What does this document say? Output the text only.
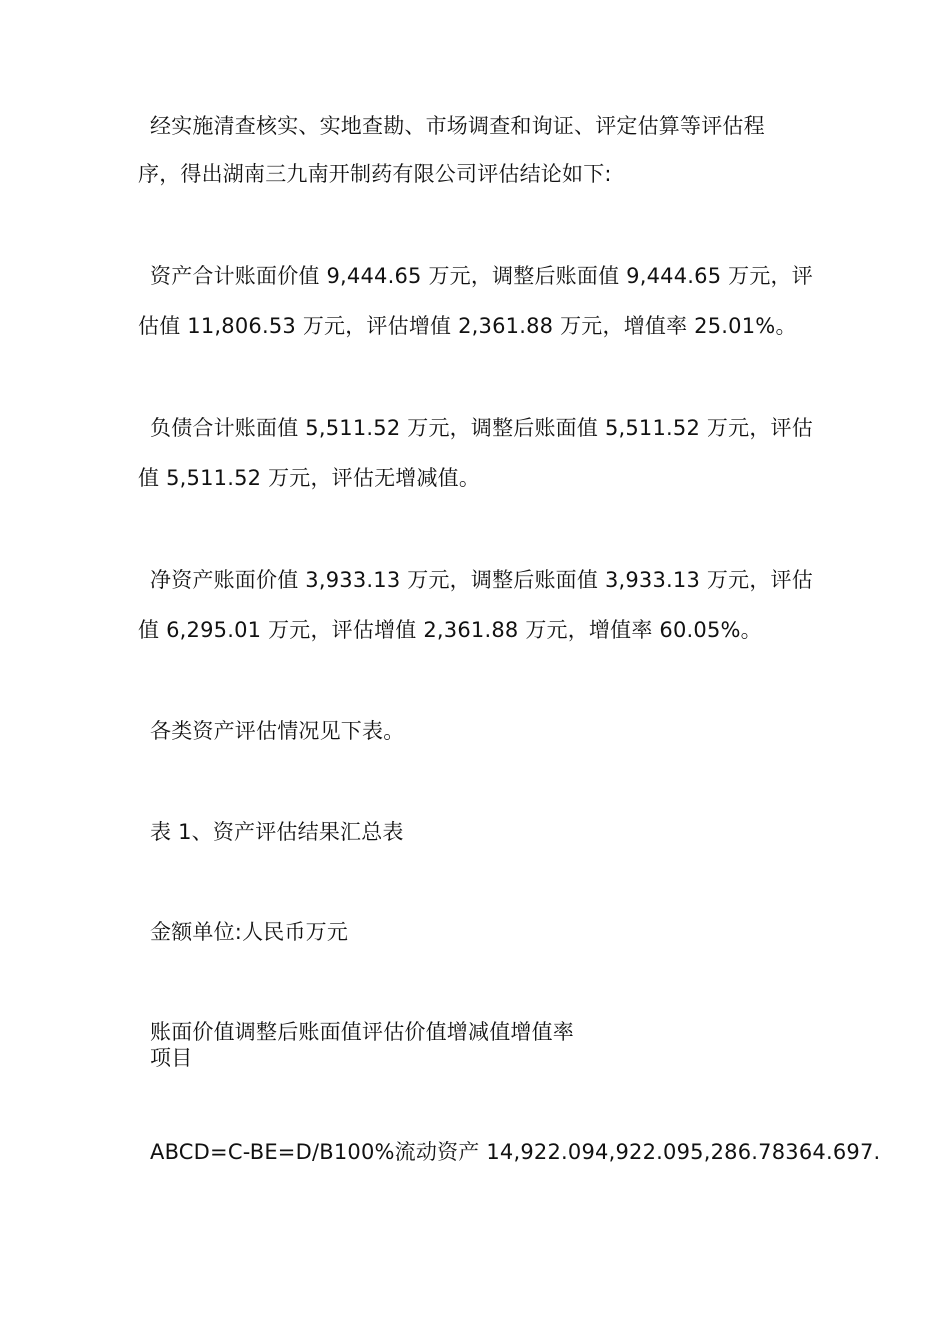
经实施清查核实、实地查勘、市场调查和询证、评定估算等评估程
序，得出湖南三九南开制药有限公司评估结论如下:
资产合计账面价值 9,444.65 万元，调整后账面值 9,444.65 万元，评
估值 11,806.53 万元，评估增值 2,361.88 万元，增值率 25.01%。
负债合计账面值 5,511.52 万元，调整后账面值 5,511.52 万元，评估
值 5,511.52 万元，评估无增减值。
净资产账面价值 3,933.13 万元，调整后账面值 3,933.13 万元，评估
值 6,295.01 万元，评估增值 2,361.88 万元，增值率 60.05%。
各类资产评估情况见下表。
表 1、资产评估结果汇总表
金额单位:人民币万元
账面价值调整后账面值评估价值增减值增值率
项目
ABCD=C-BE=D/B100%流动资产 14,922.094,922.095,286.78364.697.
